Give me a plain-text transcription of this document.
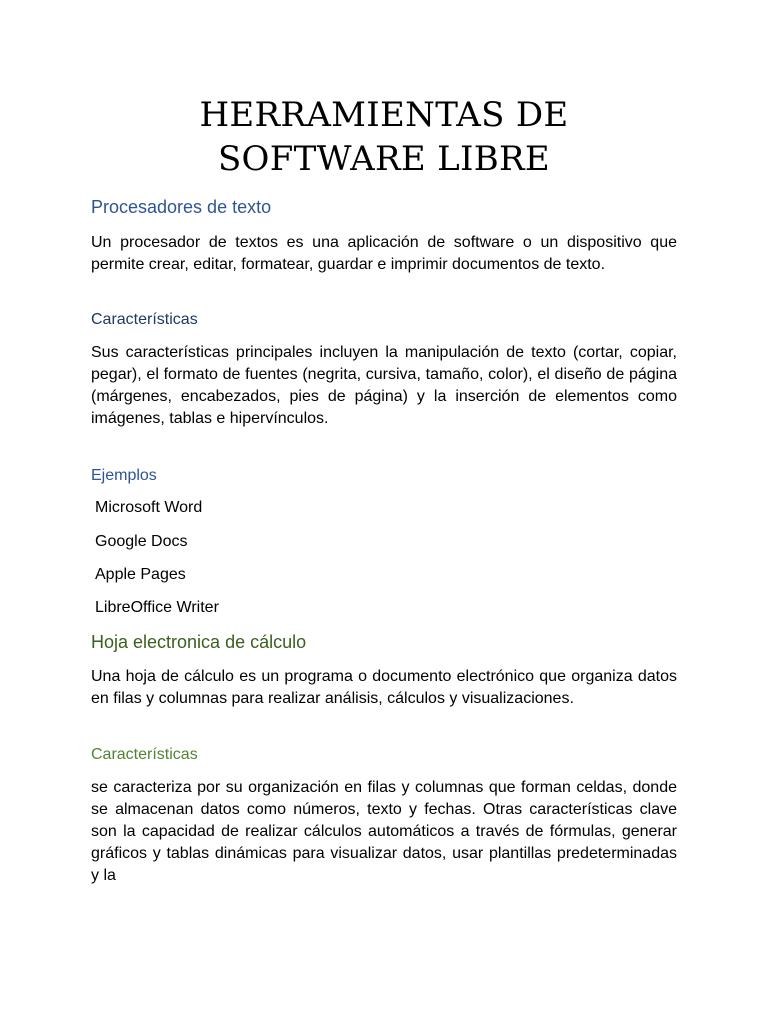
HERRAMIENTAS DE SOFTWARE LIBRE
Procesadores de texto

Un procesador de textos es una aplicación de software o un dispositivo que permite crear, editar, formatear, guardar e imprimir documentos de texto.

Características

Sus características principales incluyen la manipulación de texto (cortar, copiar, pegar), el formato de fuentes (negrita, cursiva, tamaño, color), el diseño de página (márgenes, encabezados, pies de página) y la inserción de elementos como imágenes, tablas e hipervínculos.

Ejemplos

Microsoft Word

Google Docs

Apple Pages

LibreOffice Writer

Hoja electronica de cálculo

Una hoja de cálculo es un programa o documento electrónico que organiza datos en filas y columnas para realizar análisis, cálculos y visualizaciones.

Características

se caracteriza por su organización en filas y columnas que forman celdas, donde se almacenan datos como números, texto y fechas. Otras características clave son la capacidad de realizar cálculos automáticos a través de fórmulas, generar gráficos y tablas dinámicas para visualizar datos, usar plantillas predeterminadas y la
